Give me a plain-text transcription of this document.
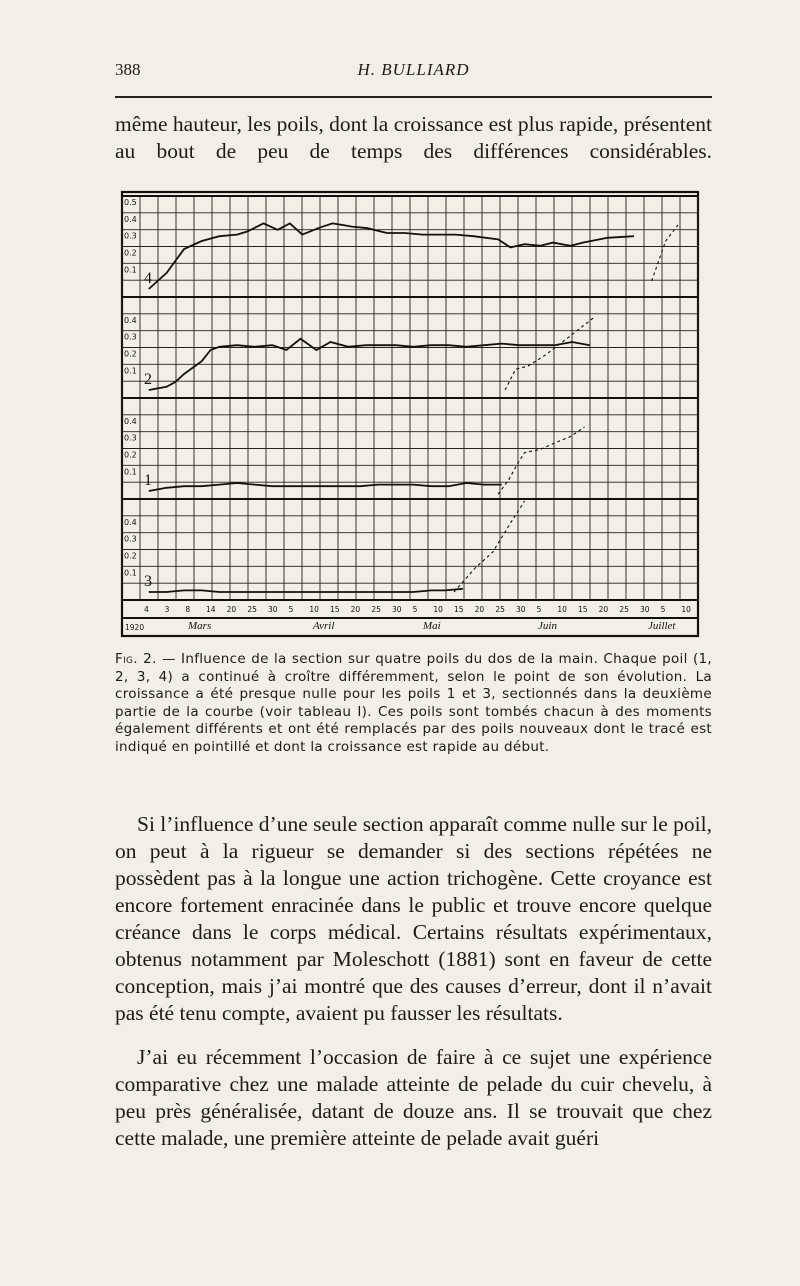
388	H. BULLIARD

même hauteur, les poils, dont la croissance est plus rapide, présentent au bout de peu de temps des différences considérables.

0.5
0.4
0.3
0.2
0.1
4
0.4
0.3
0.2
0.1
2
0.4
0.3
0.2
0.1
1
0.4
0.3
0.2
0.1
3
4 3 8 14 20 25 30 5 10 15 20 25 30 5 10 15 20 25 30 5 10 15 20 25 30 5 10
1920	Mars	Avril	Mai	Juin	Juillet

Fig. 2. — Influence de la section sur quatre poils du dos de la main. Chaque poil (1, 2, 3, 4) a continué à croître différemment, selon le point de son évolution. La croissance a été presque nulle pour les poils 1 et 3, sectionnés dans la deuxième partie de la courbe (voir tableau I). Ces poils sont tombés chacun à des moments également différents et ont été remplacés par des poils nouveaux dont le tracé est indiqué en pointillé et dont la croissance est rapide au début.

Si l’influence d’une seule section apparaît comme nulle sur le poil, on peut à la rigueur se demander si des sections répétées ne possèdent pas à la longue une action trichogène. Cette croyance est encore fortement enracinée dans le public et trouve encore quelque créance dans le corps médical. Certains résultats expérimentaux, obtenus notamment par Moleschott (1881) sont en faveur de cette conception, mais j’ai montré que des causes d’erreur, dont il n’avait pas été tenu compte, avaient pu fausser les résultats.

J’ai eu récemment l’occasion de faire à ce sujet une expérience comparative chez une malade atteinte de pelade du cuir chevelu, à peu près généralisée, datant de douze ans. Il se trouvait que chez cette malade, une première atteinte de pelade avait guéri
